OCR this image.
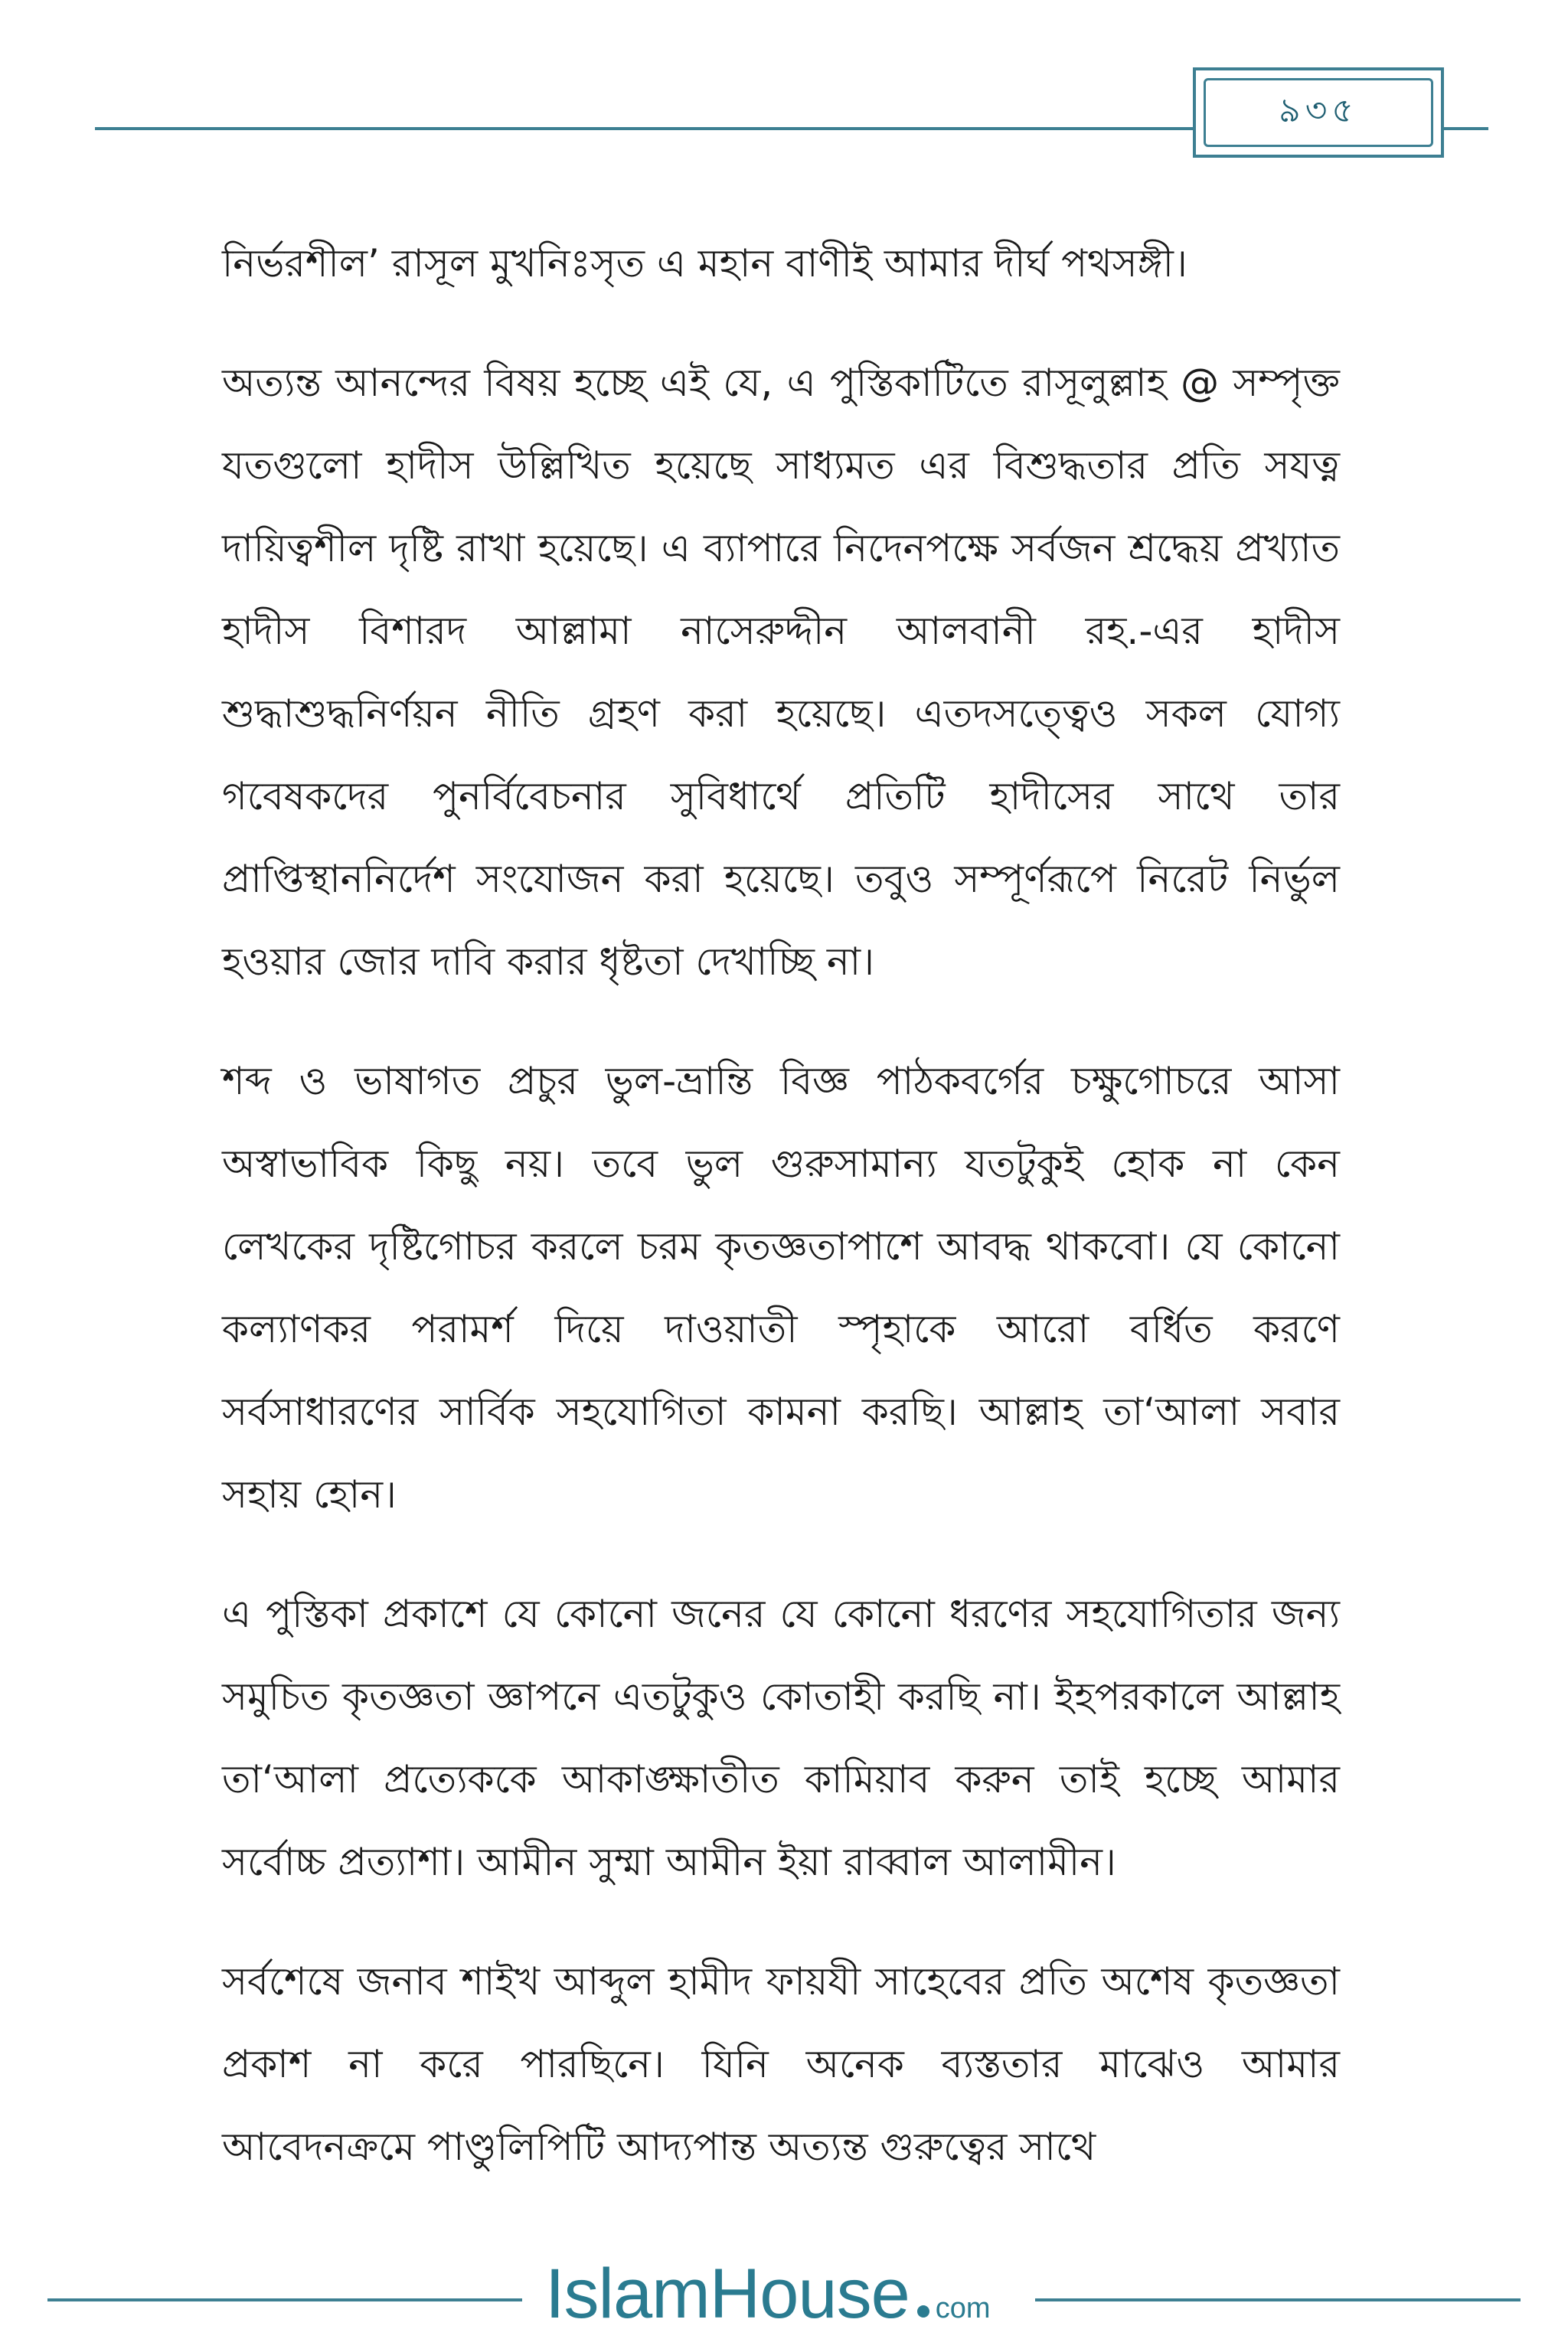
৯৩৫

নির্ভরশীল’ রাসূল মুখনিঃসৃত এ মহান বাণীই আমার দীর্ঘ পথসঙ্গী।

অত্যন্ত আনন্দের বিষয় হচ্ছে এই যে, এ পুস্তিকাটিতে রাসূলুল্লাহ @ সম্পৃক্ত যতগুলো হাদীস উল্লিখিত হয়েছে সাধ্যমত এর বিশুদ্ধতার প্রতি সযত্ন দায়িত্বশীল দৃষ্টি রাখা হয়েছে। এ ব্যাপারে নিদেনপক্ষে সর্বজন শ্রদ্ধেয় প্রখ্যাত হাদীস বিশারদ আল্লামা নাসেরুদ্দীন আলবানী রহ.-এর হাদীস শুদ্ধাশুদ্ধনির্ণয়ন নীতি গ্রহণ করা হয়েছে। এতদসত্ত্বেও সকল যোগ্য গবেষকদের পুনর্বিবেচনার সুবিধার্থে প্রতিটি হাদীসের সাথে তার প্রাপ্তিস্থাননির্দেশ সংযোজন করা হয়েছে। তবুও সম্পূর্ণরূপে নিরেট নির্ভুল হওয়ার জোর দাবি করার ধৃষ্টতা দেখাচ্ছি না।

শব্দ ও ভাষাগত প্রচুর ভুল-ভ্রান্তি বিজ্ঞ পাঠকবর্গের চক্ষুগোচরে আসা অস্বাভাবিক কিছু নয়। তবে ভুল গুরুসামান্য যতটুকুই হোক না কেন লেখকের দৃষ্টিগোচর করলে চরম কৃতজ্ঞতাপাশে আবদ্ধ থাকবো। যে কোনো কল্যাণকর পরামর্শ দিয়ে দাওয়াতী স্পৃহাকে আরো বর্ধিত করণে সর্বসাধারণের সার্বিক সহযোগিতা কামনা করছি। আল্লাহ তা‘আলা সবার সহায় হোন।

এ পুস্তিকা প্রকাশে যে কোনো জনের যে কোনো ধরণের সহযোগিতার জন্য সমুচিত কৃতজ্ঞতা জ্ঞাপনে এতটুকুও কোতাহী করছি না। ইহপরকালে আল্লাহ তা‘আলা প্রত্যেককে আকাঙ্ক্ষাতীত কামিয়াব করুন তাই হচ্ছে আমার সর্বোচ্চ প্রত্যাশা। আমীন সুম্মা আমীন ইয়া রাব্বাল আলামীন।

সর্বশেষে জনাব শাইখ আব্দুল হামীদ ফায়যী সাহেবের প্রতি অশেষ কৃতজ্ঞতা প্রকাশ না করে পারছিনে। যিনি অনেক ব্যস্ততার মাঝেও আমার আবেদনক্রমে পাণ্ডুলিপিটি আদ্যপান্ত অত্যন্ত গুরুত্বের সাথে

IslamHouse com
